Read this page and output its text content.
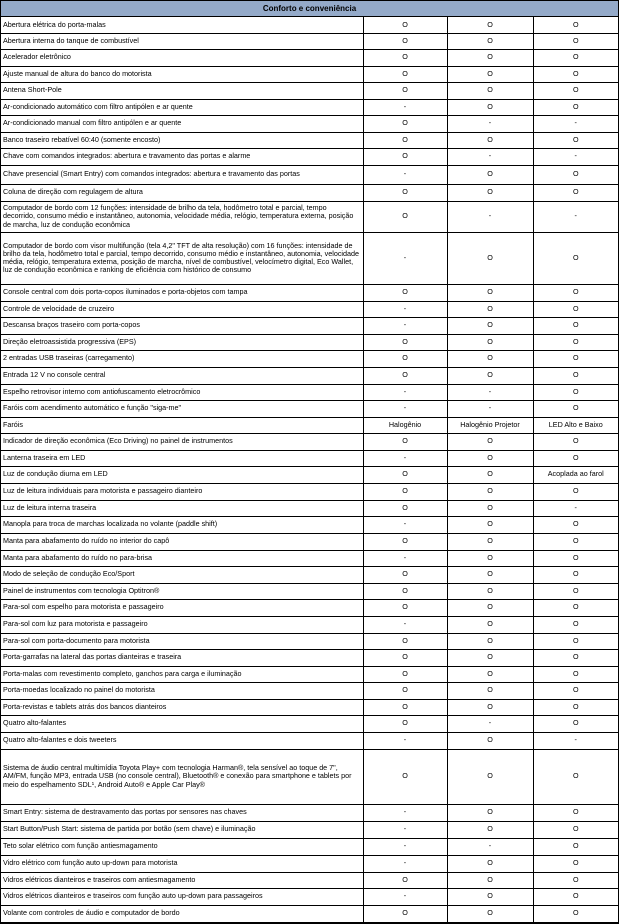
Conforto e conveniência
Abertura elétrica do porta-malas	O	O	O
Abertura interna do tanque de combustível	O	O	O
Acelerador eletrônico	O	O	O
Ajuste manual de altura do banco do motorista	O	O	O
Antena Short-Pole	O	O	O
Ar-condicionado automático com filtro antipólen e ar quente	-	O	O
Ar-condicionado manual com filtro antipólen e ar quente	O	-	-
Banco traseiro rebatível 60:40 (somente encosto)	O	O	O
Chave com comandos integrados: abertura e travamento das portas e alarme	O	-	-
Chave presencial (Smart Entry) com comandos integrados: abertura e travamento das portas	-	O	O
Coluna de direção com regulagem de altura	O	O	O
Computador de bordo com 12 funções: intensidade de brilho da tela, hodômetro total e parcial, tempo decorrido, consumo médio e instantâneo, autonomia, velocidade média, relógio, temperatura externa, posição de marcha, luz de condução econômica	O	-	-
Computador de bordo com visor multifunção (tela 4,2" TFT de alta resolução) com 16 funções: intensidade de brilho da tela, hodômetro total e parcial, tempo decorrido, consumo médio e instantâneo, autonomia, velocidade média, relógio, temperatura externa, posição de marcha, nível de combustível, velocímetro digital, Eco Wallet, luz de condução econômica e ranking de eficiência com histórico de consumo	-	O	O
Console central com dois porta-copos iluminados e porta-objetos com tampa	O	O	O
Controle de velocidade de cruzeiro	-	O	O
Descansa braços traseiro com porta-copos	-	O	O
Direção eletroassistida progressiva (EPS)	O	O	O
2 entradas USB traseiras (carregamento)	O	O	O
Entrada 12 V no console central	O	O	O
Espelho retrovisor interno com antiofuscamento eletrocrômico	-	-	O
Faróis com acendimento automático e função "siga-me"	-	-	O
Faróis	Halogênio	Halogênio Projetor	LED Alto e Baixo
Indicador de direção econômica (Eco Driving) no painel de instrumentos	O	O	O
Lanterna traseira em LED	-	O	O
Luz de condução diurna em LED	O	O	Acoplada ao farol
Luz de leitura individuais para motorista e passageiro dianteiro	O	O	O
Luz de leitura interna traseira	O	O	-
Manopla para troca de marchas localizada no volante (paddle shift)	-	O	O
Manta para abafamento do ruído no interior do capô	O	O	O
Manta para abafamento do ruído no para-brisa	-	O	O
Modo de seleção de condução Eco/Sport	O	O	O
Painel de instrumentos com tecnologia Optitron®	O	O	O
Para-sol com espelho para motorista e passageiro	O	O	O
Para-sol com luz para motorista e passageiro	-	O	O
Para-sol com porta-documento para motorista	O	O	O
Porta-garrafas na lateral das portas dianteiras e traseira	O	O	O
Porta-malas com revestimento completo, ganchos para carga e iluminação	O	O	O
Porta-moedas localizado no painel do motorista	O	O	O
Porta-revistas e tablets atrás dos bancos dianteiros	O	O	O
Quatro alto-falantes	O	-	O
Quatro alto-falantes e dois tweeters	-	O	-
Sistema de áudio central multimídia Toyota Play+ com tecnologia Harman®, tela sensível ao toque de 7", AM/FM, função MP3, entrada USB (no console central), Bluetooth® e conexão para smartphone e tablets por meio do espelhamento SDL¹, Android Auto® e Apple Car Play®	O	O	O
Smart Entry: sistema de destravamento das portas por sensores nas chaves	-	O	O
Start Button/Push Start: sistema de partida por botão (sem chave) e iluminação	-	O	O
Teto solar elétrico com função antiesmagamento	-	-	O
Vidro elétrico com função auto up-down para motorista	-	O	O
Vidros elétricos dianteiros e traseiros com antiesmagamento	O	O	O
Vidros elétricos dianteiros e traseiros com função auto up-down para passageiros	-	O	O
Volante com controles de áudio e computador de bordo	O	O	O
